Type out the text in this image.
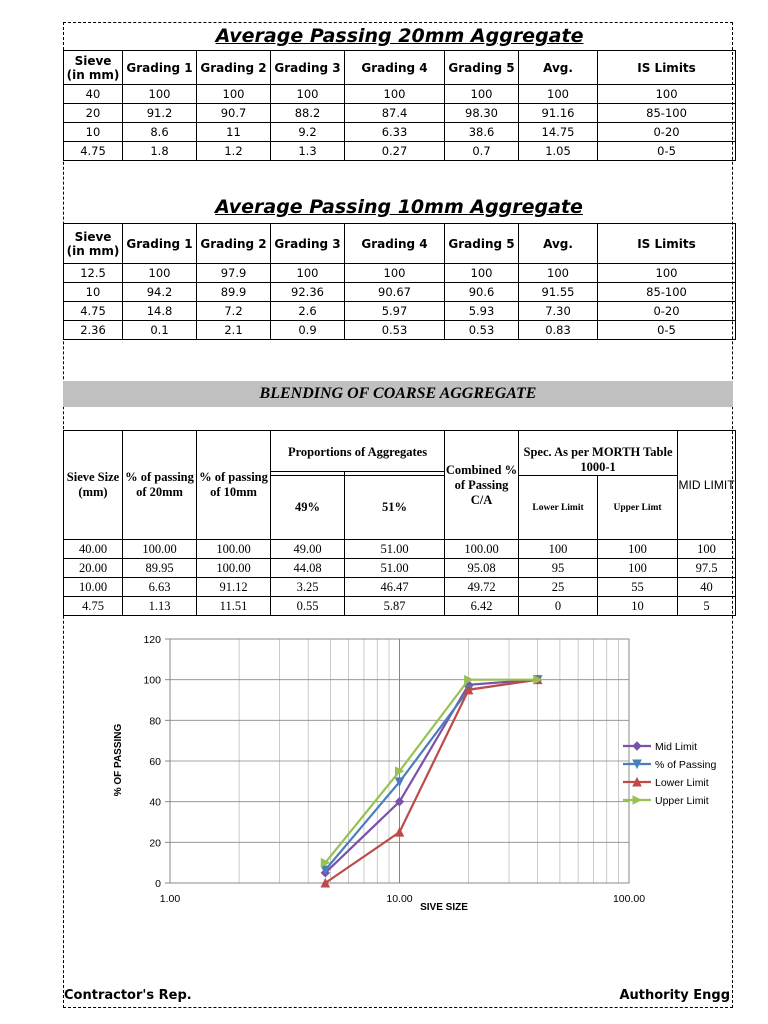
Average Passing 20mm Aggregate							
Sieve (in mm)	Grading 1	Grading 2	Grading 3	Grading 4	Grading 5	Avg.	IS Limits
40	100	100	100	100	100	100	100
20	91.2	90.7	88.2	87.4	98.30	91.16	85-100
10	8.6	11	9.2	6.33	38.6	14.75	0-20
4.75	1.8	1.2	1.3	0.27	0.7	1.05	0-5
Average Passing 10mm Aggregate
Sieve (in mm)	Grading 1	Grading 2	Grading 3	Grading 4	Grading 5	Avg.	IS Limits
12.5	100	97.9	100	100	100	100	100
10	94.2	89.9	92.36	90.67	90.6	91.55	85-100
4.75	14.8	7.2	2.6	5.97	5.93	7.30	0-20
2.36	0.1	2.1	0.9	0.53	0.53	0.83	0-5
BLENDING OF COARSE AGGREGATE
Sieve Size (mm)	% of passing of 20mm	% of passing of 10mm	Proportions of Aggregates		Combined % of Passing C/A	Spec. As per MORTH Table 1000-1		MID LIMIT

			49%	51%		Lower Limit	Upper Limt	
40.00	100.00	100.00	49.00	51.00	100.00	100	100	100
20.00	89.95	100.00	44.08	51.00	95.08	95	100	97.5
10.00	6.63	91.12	3.25	46.47	49.72	25	55	40
4.75	1.13	11.51	0.55	5.87	6.42	0	10	5
0
20
40
60
80
100
120
1.00	10.00	100.00
Mid Limit
% of Passing
Lower Limit
Upper Limit
SIVE SIZE
% OF PASSING
Contractor's Rep.	Authority Engg
